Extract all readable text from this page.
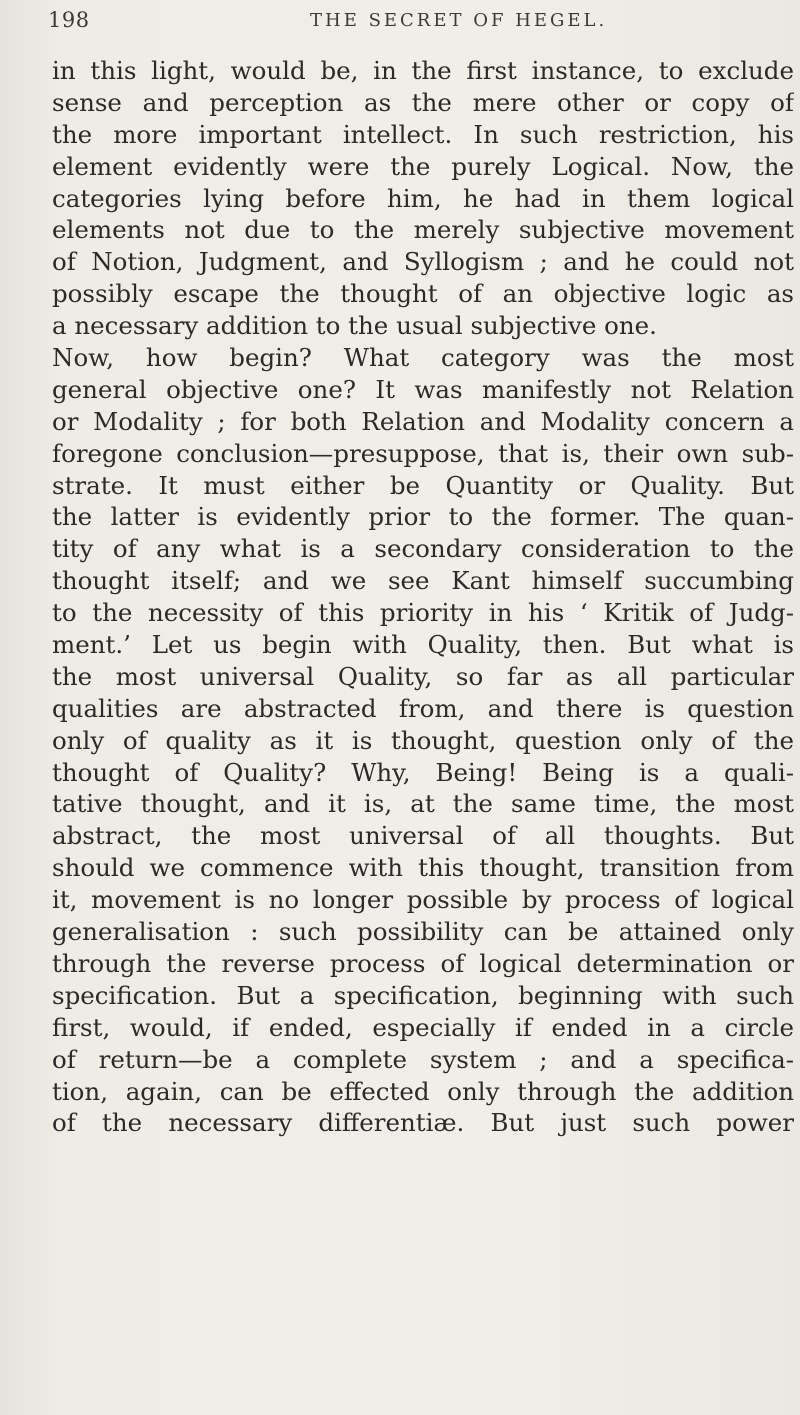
198	THE SECRET OF HEGEL.
in this light, would be, in the first instance, to exclude
sense and perception as the mere other or copy of
the more important intellect. In such restriction, his
element evidently were the purely Logical. Now, the
categories lying before him, he had in them logical
elements not due to the merely subjective movement
of Notion, Judgment, and Syllogism ; and he could not
possibly escape the thought of an objective logic as
a necessary addition to the usual subjective one.
Now, how begin? What category was the most
general objective one? It was manifestly not Relation
or Modality ; for both Relation and Modality concern a
foregone conclusion—presuppose, that is, their own sub-
strate. It must either be Quantity or Quality. But
the latter is evidently prior to the former. The quan-
tity of any what is a secondary consideration to the
thought itself; and we see Kant himself succumbing
to the necessity of this priority in his ‘ Kritik of Judg-
ment.’ Let us begin with Quality, then. But what is
the most universal Quality, so far as all particular
qualities are abstracted from, and there is question
only of quality as it is thought, question only of the
thought of Quality? Why, Being! Being is a quali-
tative thought, and it is, at the same time, the most
abstract, the most universal of all thoughts. But
should we commence with this thought, transition from
it, movement is no longer possible by process of logical
generalisation : such possibility can be attained only
through the reverse process of logical determination or
specification. But a specification, beginning with such
first, would, if ended, especially if ended in a circle
of return—be a complete system ; and a specifica-
tion, again, can be effected only through the addition
of the necessary differentiæ. But just such power
